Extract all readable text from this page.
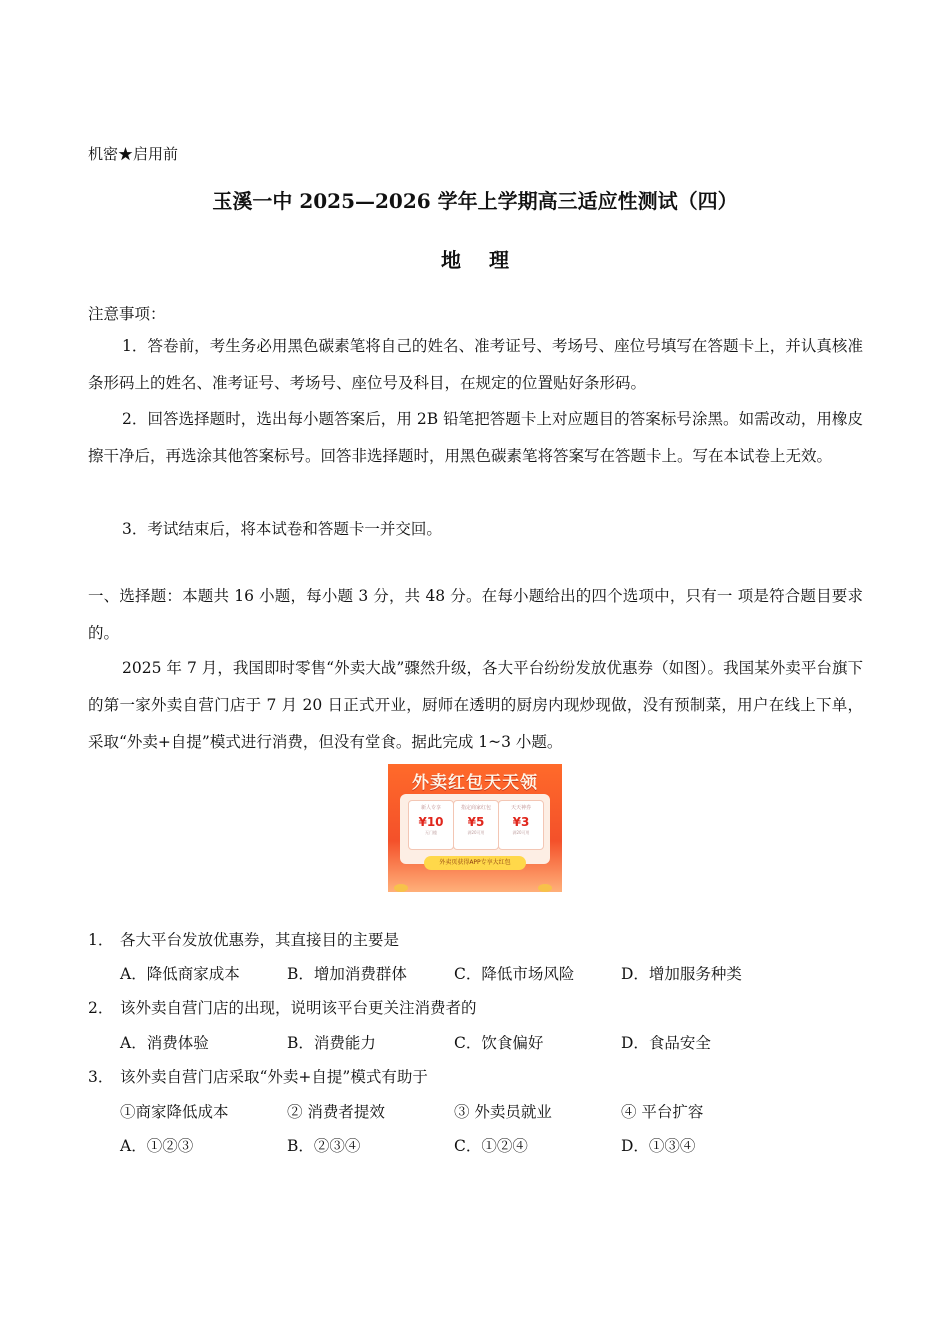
机密★启用前
玉溪一中 2025—2026 学年上学期高三适应性测试（四）
地理
注意事项：
1．答卷前，考生务必用黑色碳素笔将自己的姓名、准考证号、考场号、座位号填写在答题卡上，并认真核准条形码上的姓名、准考证号、考场号、座位号及科目，在规定的位置贴好条形码。
2．回答选择题时，选出每小题答案后，用 2B 铅笔把答题卡上对应题目的答案标号涂黑。如需改动，用橡皮擦干净后，再选涂其他答案标号。回答非选择题时，用黑色碳素笔将答案写在答题卡上。写在本试卷上无效。
3．考试结束后，将本试卷和答题卡一并交回。
一、选择题：本题共 16 小题，每小题 3 分，共 48 分。在每小题给出的四个选项中，只有一 项是符合题目要求的。
2025 年 7 月，我国即时零售“外卖大战”骤然升级，各大平台纷纷发放优惠券（如图）。我国某外卖平台旗下的第一家外卖自营门店于 7 月 20 日正式开业，厨师在透明的厨房内现炒现做，没有预制菜，用户在线上下单，采取“外卖+自提”模式进行消费，但没有堂食。据此完成 1~3 小题。
外卖红包天天领
新人专享
¥10
无门槛
指定商家红包
¥5
满20可用
天天神券
¥3
满20可用
外卖页获得APP专享大红包
1． 各大平台发放优惠券，其直接目的主要是
A．降低商家成本	B．增加消费群体	C．降低市场风险	D．增加服务种类
2． 该外卖自营门店的出现，说明该平台更关注消费者的
A．消费体验	B．消费能力	C．饮食偏好	D．食品安全
3． 该外卖自营门店采取“外卖+自提”模式有助于
①商家降低成本	② 消费者提效	③ 外卖员就业	④ 平台扩容
A．①②③	B．②③④	C．①②④	D．①③④
